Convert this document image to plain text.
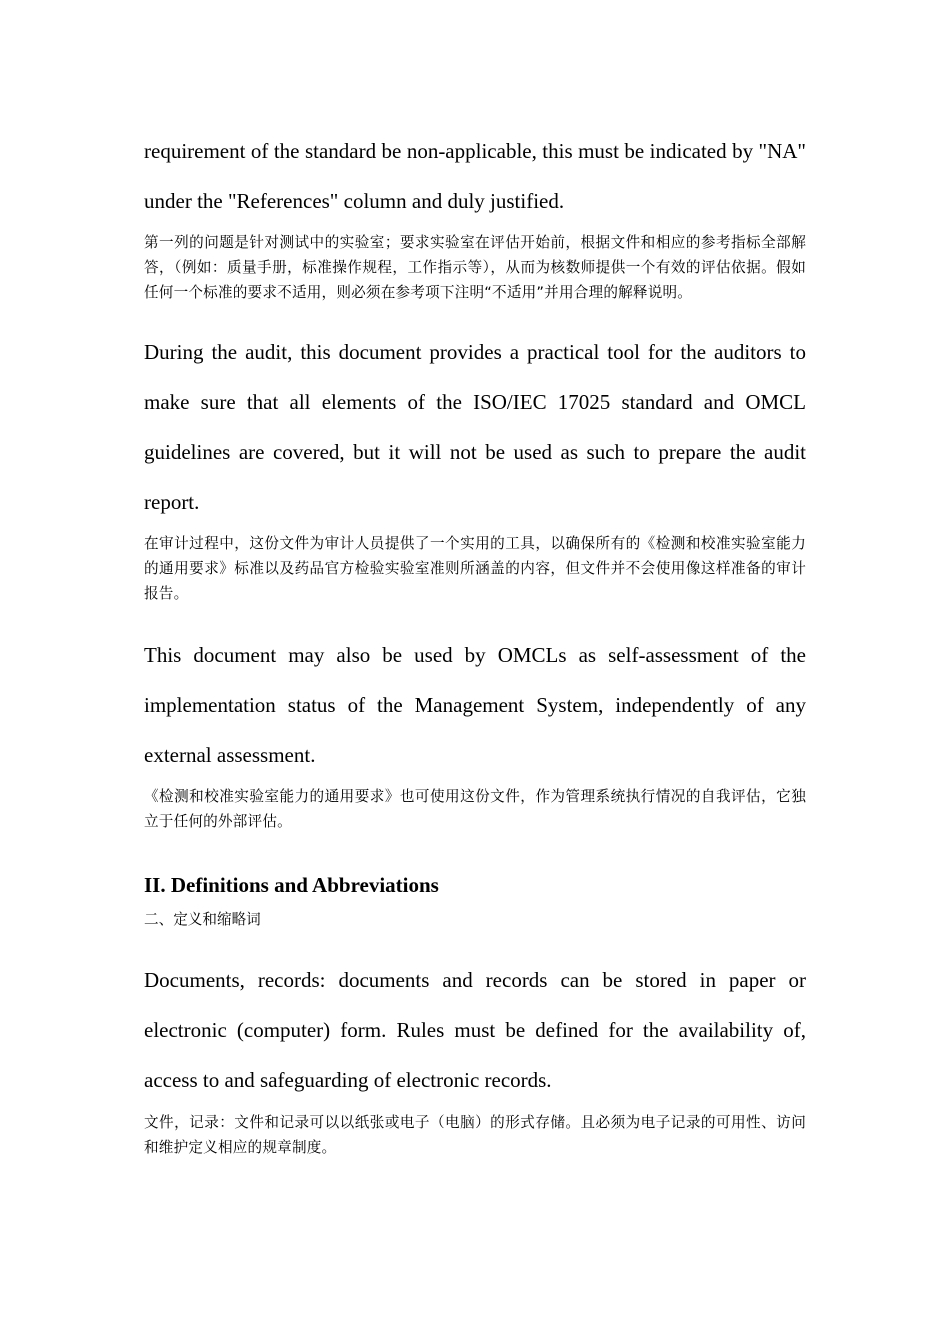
requirement of the standard be non-applicable, this must be indicated by "NA" under the "References" column and duly justified.

第一列的问题是针对测试中的实验室；要求实验室在评估开始前，根据文件和相应的参考指标全部解答，（例如：质量手册，标准操作规程，工作指示等），从而为核数师提供一个有效的评估依据。假如任何一个标准的要求不适用，则必须在参考项下注明“不适用”并用合理的解释说明。

During the audit, this document provides a practical tool for the auditors to make sure that all elements of the ISO/IEC 17025 standard and OMCL guidelines are covered, but it will not be used as such to prepare the audit report.

在审计过程中，这份文件为审计人员提供了一个实用的工具，以确保所有的《检测和校准实验室能力的通用要求》标准以及药品官方检验实验室准则所涵盖的内容，但文件并不会使用像这样准备的审计报告。

This document may also be used by OMCLs as self-assessment of the implementation status of the Management System, independently of any external assessment.

《检测和校准实验室能力的通用要求》也可使用这份文件，作为管理系统执行情况的自我评估，它独立于任何的外部评估。

II. Definitions and Abbreviations

二、定义和缩略词

Documents, records: documents and records can be stored in paper or electronic (computer) form. Rules must be defined for the availability of, access to and safeguarding of electronic records.

文件，记录：文件和记录可以以纸张或电子（电脑）的形式存储。且必须为电子记录的可用性、访问和维护定义相应的规章制度。
